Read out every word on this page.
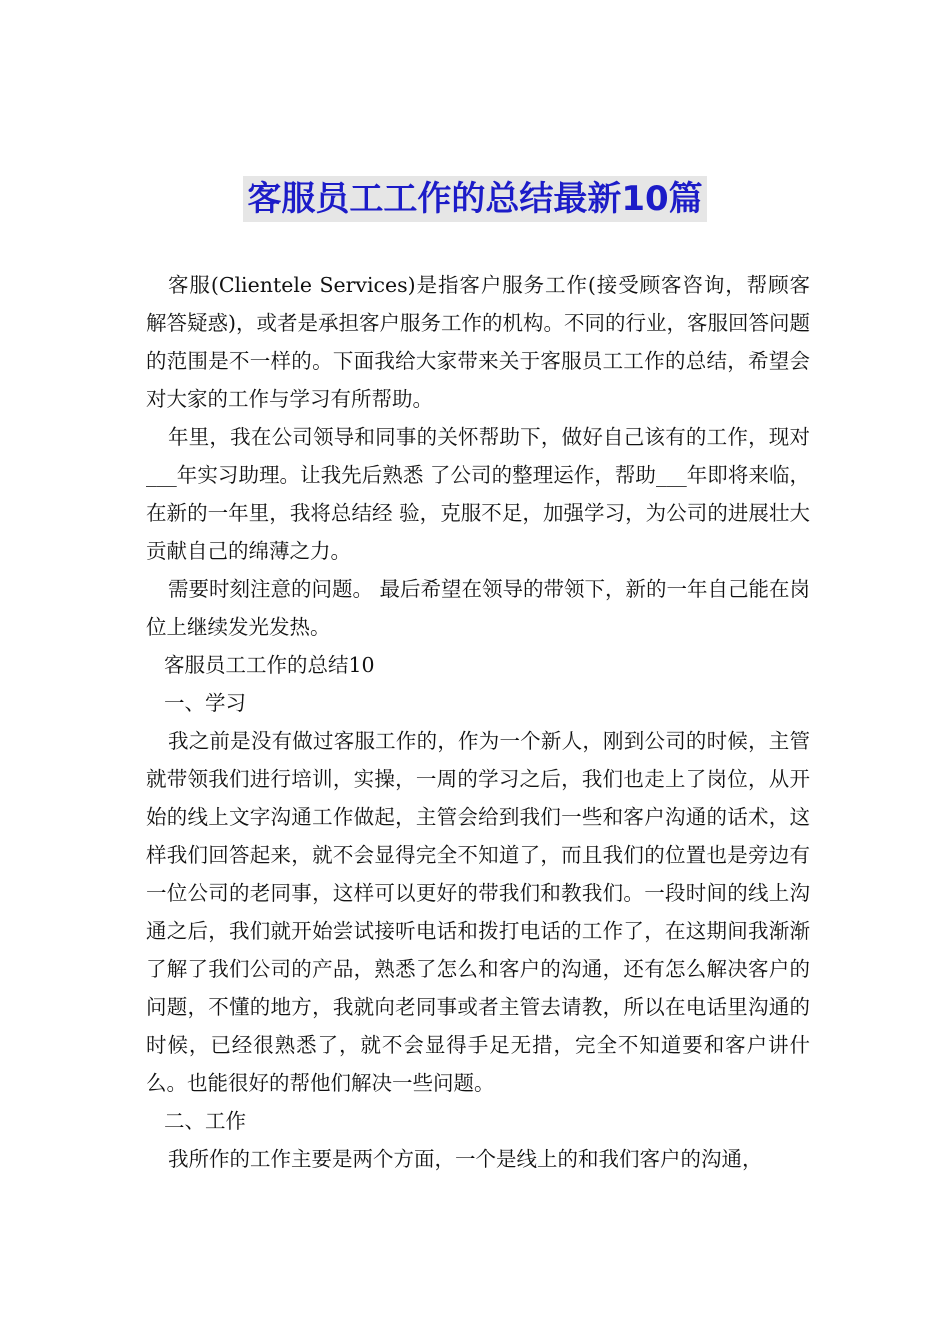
客服员工工作的总结最新10篇

客服(Clientele Services)是指客户服务工作(接受顾客咨询，帮顾客解答疑惑)，或者是承担客户服务工作的机构。不同的行业，客服回答问题的范围是不一样的。下面我给大家带来关于客服员工工作的总结，希望会对大家的工作与学习有所帮助。

年里，我在公司领导和同事的关怀帮助下，做好自己该有的工作，现对 ___年实习助理。让我先后熟悉 了公司的整理运作，帮助___年即将来临，在新的一年里，我将总结经 验，克服不足，加强学习，为公司的进展壮大贡献自己的绵薄之力。

需要时刻注意的问题。 最后希望在领导的带领下，新的一年自己能在岗位上继续发光发热。

客服员工工作的总结10

一、学习

我之前是没有做过客服工作的，作为一个新人，刚到公司的时候，主管就带领我们进行培训，实操，一周的学习之后，我们也走上了岗位，从开始的线上文字沟通工作做起，主管会给到我们一些和客户沟通的话术，这样我们回答起来，就不会显得完全不知道了，而且我们的位置也是旁边有一位公司的老同事，这样可以更好的带我们和教我们。一段时间的线上沟通之后，我们就开始尝试接听电话和拨打电话的工作了，在这期间我渐渐了解了我们公司的产品，熟悉了怎么和客户的沟通，还有怎么解决客户的问题，不懂的地方，我就向老同事或者主管去请教，所以在电话里沟通的时候，已经很熟悉了，就不会显得手足无措，完全不知道要和客户讲什么。也能很好的帮他们解决一些问题。

二、工作

我所作的工作主要是两个方面，一个是线上的和我们客户的沟通，
